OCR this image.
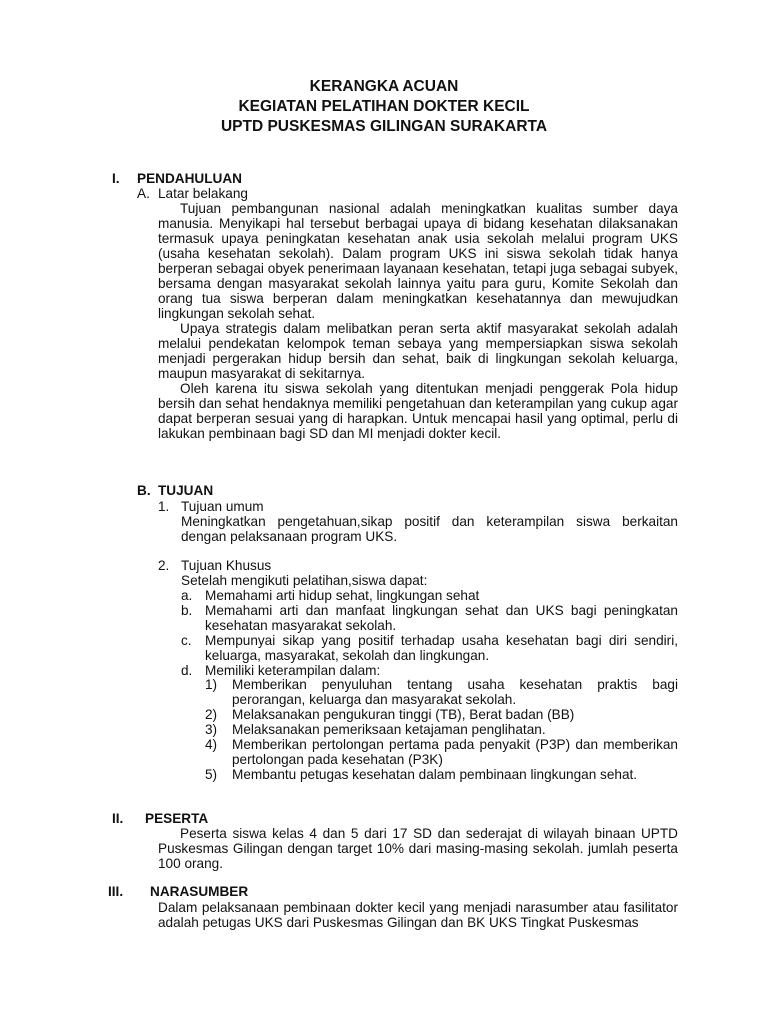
KERANGKA ACUAN
KEGIATAN PELATIHAN DOKTER KECIL
UPTD PUSKESMAS GILINGAN SURAKARTA
I. PENDAHULUAN
A. Latar belakang

Tujuan pembangunan nasional adalah meningkatkan kualitas sumber daya manusia. Menyikapi hal tersebut berbagai upaya di bidang kesehatan dilaksanakan termasuk upaya peningkatan kesehatan anak usia sekolah melalui program UKS (usaha kesehatan sekolah). Dalam program UKS ini siswa sekolah tidak hanya berperan sebagai obyek penerimaan layanaan kesehatan, tetapi juga sebagai subyek, bersama dengan masyarakat sekolah lainnya yaitu para guru, Komite Sekolah dan orang tua siswa berperan dalam meningkatkan kesehatannya dan mewujudkan lingkungan sekolah sehat.

Upaya strategis dalam melibatkan peran serta aktif masyarakat sekolah adalah melalui pendekatan kelompok teman sebaya yang mempersiapkan siswa sekolah menjadi pergerakan hidup bersih dan sehat, baik di lingkungan sekolah keluarga, maupun masyarakat di sekitarnya.

Oleh karena itu siswa sekolah yang ditentukan menjadi penggerak Pola hidup bersih dan sehat hendaknya memiliki pengetahuan dan keterampilan yang cukup agar dapat berperan sesuai yang di harapkan. Untuk mencapai hasil yang optimal, perlu di lakukan pembinaan bagi SD dan MI menjadi dokter kecil.

B. TUJUAN
1. Tujuan umum
Meningkatkan pengetahuan,sikap positif dan keterampilan siswa berkaitan dengan pelaksanaan program UKS.
2. Tujuan Khusus
Setelah mengikuti pelatihan,siswa dapat:
a. Memahami arti hidup sehat, lingkungan sehat
b. Memahami arti dan manfaat lingkungan sehat dan UKS bagi peningkatan kesehatan masyarakat sekolah.
c. Mempunyai sikap yang positif terhadap usaha kesehatan bagi diri sendiri, keluarga, masyarakat, sekolah dan lingkungan.
d. Memiliki keterampilan dalam:
1) Memberikan penyuluhan tentang usaha kesehatan praktis bagi perorangan, keluarga dan masyarakat sekolah.
2) Melaksanakan pengukuran tinggi (TB), Berat badan (BB)
3) Melaksanakan pemeriksaan ketajaman penglihatan.
4) Memberikan pertolongan pertama pada penyakit (P3P) dan memberikan pertolongan pada kesehatan (P3K)
5) Membantu petugas kesehatan dalam pembinaan lingkungan sehat.
II. PESERTA
Peserta siswa kelas 4 dan 5 dari 17 SD dan sederajat di wilayah binaan UPTD Puskesmas Gilingan dengan target 10% dari masing-masing sekolah. jumlah peserta 100 orang.
III. NARASUMBER
Dalam pelaksanaan pembinaan dokter kecil yang menjadi narasumber atau fasilitator adalah petugas UKS dari Puskesmas Gilingan dan BK UKS Tingkat Puskesmas
